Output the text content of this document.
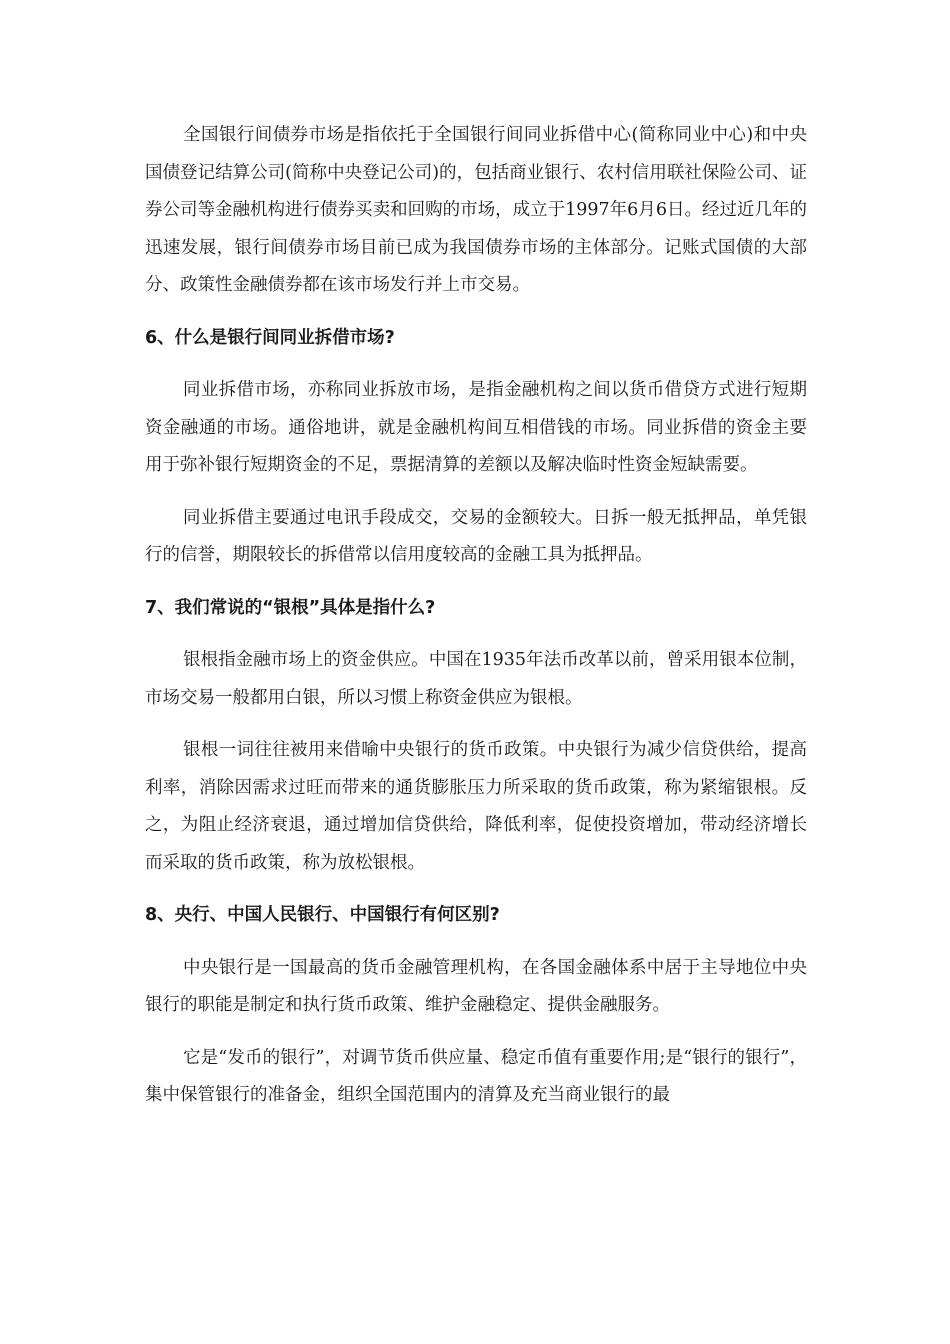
全国银行间债券市场是指依托于全国银行间同业拆借中心(简称同业中心)和中央国债登记结算公司(简称中央登记公司)的，包括商业银行、农村信用联社保险公司、证券公司等金融机构进行债券买卖和回购的市场，成立于1997年6月6日。经过近几年的迅速发展，银行间债券市场目前已成为我国债券市场的主体部分。记账式国债的大部分、政策性金融债券都在该市场发行并上市交易。

6、什么是银行间同业拆借市场?

同业拆借市场，亦称同业拆放市场，是指金融机构之间以货币借贷方式进行短期资金融通的市场。通俗地讲，就是金融机构间互相借钱的市场。同业拆借的资金主要用于弥补银行短期资金的不足，票据清算的差额以及解决临时性资金短缺需要。

同业拆借主要通过电讯手段成交，交易的金额较大。日拆一般无抵押品，单凭银行的信誉，期限较长的拆借常以信用度较高的金融工具为抵押品。

7、我们常说的“银根”具体是指什么?

银根指金融市场上的资金供应。中国在1935年法币改革以前，曾采用银本位制，市场交易一般都用白银，所以习惯上称资金供应为银根。

银根一词往往被用来借喻中央银行的货币政策。中央银行为减少信贷供给，提高利率，消除因需求过旺而带来的通货膨胀压力所采取的货币政策，称为紧缩银根。反之，为阻止经济衰退，通过增加信贷供给，降低利率，促使投资增加，带动经济增长而采取的货币政策，称为放松银根。

8、央行、中国人民银行、中国银行有何区别?

中央银行是一国最高的货币金融管理机构，在各国金融体系中居于主导地位中央银行的职能是制定和执行货币政策、维护金融稳定、提供金融服务。

它是“发币的银行”，对调节货币供应量、稳定币值有重要作用;是“银行的银行”，集中保管银行的准备金，组织全国范围内的清算及充当商业银行的最
